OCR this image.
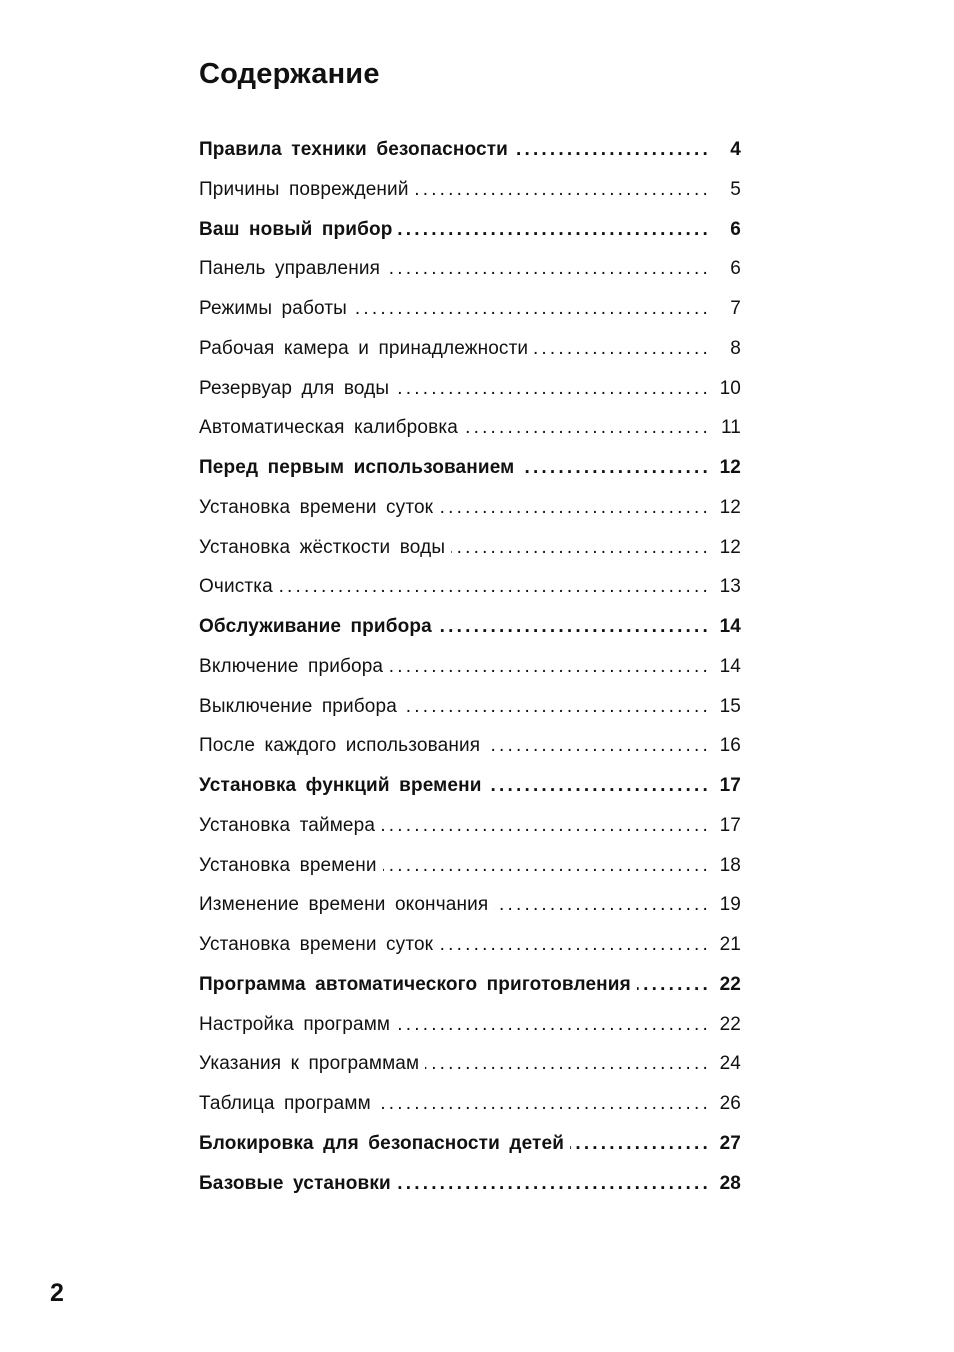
Содержание
Правила техники безопасности .....	4
Причины повреждений .....	5
Ваш новый прибор .....	6
Панель управления .....	6
Режимы работы .....	7
Рабочая камера и принадлежности .....	8
Резервуар для воды .....	10
Автоматическая калибровка .....	11
Перед первым использованием .....	12
Установка времени суток .....	12
Установка жёсткости воды .....	12
Очистка .....	13
Обслуживание прибора .....	14
Включение прибора .....	14
Выключение прибора .....	15
После каждого использования .....	16
Установка функций времени .....	17
Установка таймера .....	17
Установка времени .....	18
Изменение времени окончания .....	19
Установка времени суток .....	21
Программа автоматического приготовления .....	22
Настройка программ .....	22
Указания к программам .....	24
Таблица программ .....	26
Блокировка для безопасности детей .....	27
Базовые установки .....	28
2
